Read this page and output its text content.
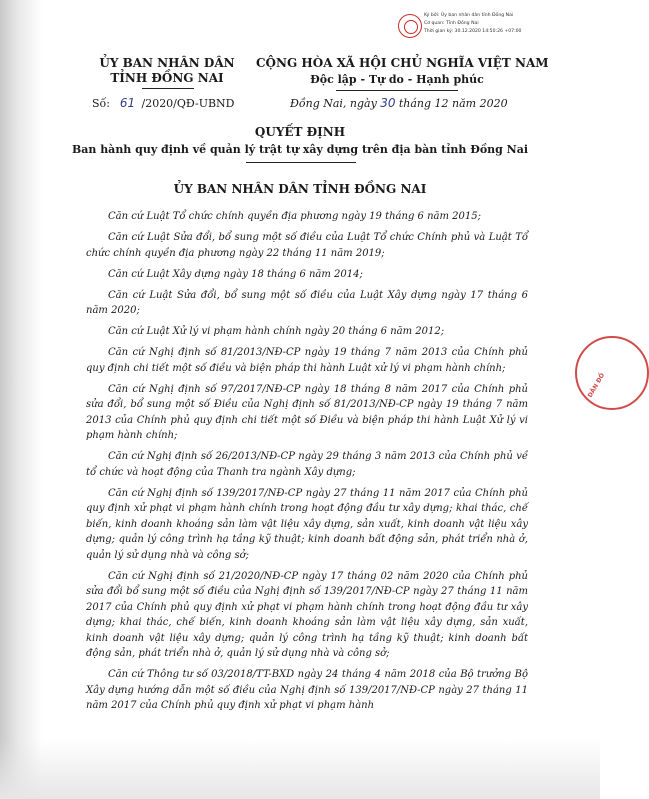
DÂN ĐỒ
Ký bởi: Ủy ban nhân dân tỉnh Đồng Nai
Cơ quan: Tỉnh Đồng Nai
Thời gian ký: 30.12.2020 14:50:26 +07:00
ỦY BAN NHÂN DÂN
TỈNH ĐỒNG NAI
CỘNG HÒA XÃ HỘI CHỦ NGHĨA VIỆT NAM
Độc lập - Tự do - Hạnh phúc
Số: 61 /2020/QĐ-UBND	Đồng Nai, ngày 30 tháng 12 năm 2020
QUYẾT ĐỊNH
Ban hành quy định về quản lý trật tự xây dựng trên địa bàn tỉnh Đồng Nai
ỦY BAN NHÂN DÂN TỈNH ĐỒNG NAI

Căn cứ Luật Tổ chức chính quyền địa phương ngày 19 tháng 6 năm 2015;

Căn cứ Luật Sửa đổi, bổ sung một số điều của Luật Tổ chức Chính phủ và Luật Tổ chức chính quyền địa phương ngày 22 tháng 11 năm 2019;

Căn cứ Luật Xây dựng ngày 18 tháng 6 năm 2014;

Căn cứ Luật Sửa đổi, bổ sung một số điều của Luật Xây dựng ngày 17 tháng 6 năm 2020;

Căn cứ Luật Xử lý vi phạm hành chính ngày 20 tháng 6 năm 2012;

Căn cứ Nghị định số 81/2013/NĐ-CP ngày 19 tháng 7 năm 2013 của Chính phủ quy định chi tiết một số điều và biện pháp thi hành Luật xử lý vi phạm hành chính;

Căn cứ Nghị định số 97/2017/NĐ-CP ngày 18 tháng 8 năm 2017 của Chính phủ sửa đổi, bổ sung một số Điều của Nghị định số 81/2013/NĐ-CP ngày 19 tháng 7 năm 2013 của Chính phủ quy định chi tiết một số Điều và biện pháp thi hành Luật Xử lý vi phạm hành chính;

Căn cứ Nghị định số 26/2013/NĐ-CP ngày 29 tháng 3 năm 2013 của Chính phủ về tổ chức và hoạt động của Thanh tra ngành Xây dựng;

Căn cứ Nghị định số 139/2017/NĐ-CP ngày 27 tháng 11 năm 2017 của Chính phủ quy định xử phạt vi phạm hành chính trong hoạt động đầu tư xây dựng; khai thác, chế biến, kinh doanh khoáng sản làm vật liệu xây dựng, sản xuất, kinh doanh vật liệu xây dựng; quản lý công trình hạ tầng kỹ thuật; kinh doanh bất động sản, phát triển nhà ở, quản lý sử dụng nhà và công sở;

Căn cứ Nghị định số 21/2020/NĐ-CP ngày 17 tháng 02 năm 2020 của Chính phủ sửa đổi bổ sung một số điều của Nghị định số 139/2017/NĐ-CP ngày 27 tháng 11 năm 2017 của Chính phủ quy định xử phạt vi phạm hành chính trong hoạt động đầu tư xây dựng; khai thác, chế biến, kinh doanh khoáng sản làm vật liệu xây dựng, sản xuất, kinh doanh vật liệu xây dựng; quản lý công trình hạ tầng kỹ thuật; kinh doanh bất động sản, phát triển nhà ở, quản lý sử dụng nhà và công sở;

Căn cứ Thông tư số 03/2018/TT-BXD ngày 24 tháng 4 năm 2018 của Bộ trưởng Bộ Xây dựng hướng dẫn một số điều của Nghị định số 139/2017/NĐ-CP ngày 27 tháng 11 năm 2017 của Chính phủ quy định xử phạt vi phạm hành
